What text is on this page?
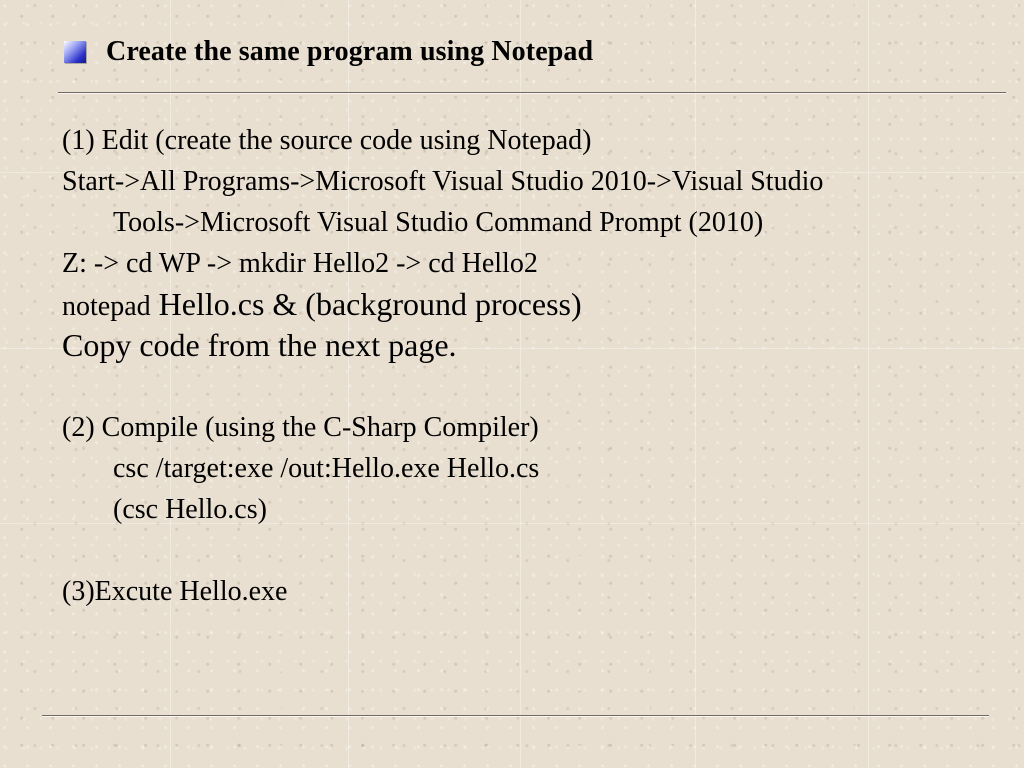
Create the same program using Notepad
(1) Edit (create the source code using Notepad)
Start->All Programs->Microsoft Visual Studio 2010->Visual Studio
Tools->Microsoft Visual Studio Command Prompt (2010)
Z: -> cd WP -> mkdir Hello2 -> cd Hello2
notepad Hello.cs & (background process)
Copy code from the next page.
(2) Compile (using the C-Sharp Compiler)
csc /target:exe /out:Hello.exe Hello.cs
(csc Hello.cs)
(3)Excute Hello.exe
